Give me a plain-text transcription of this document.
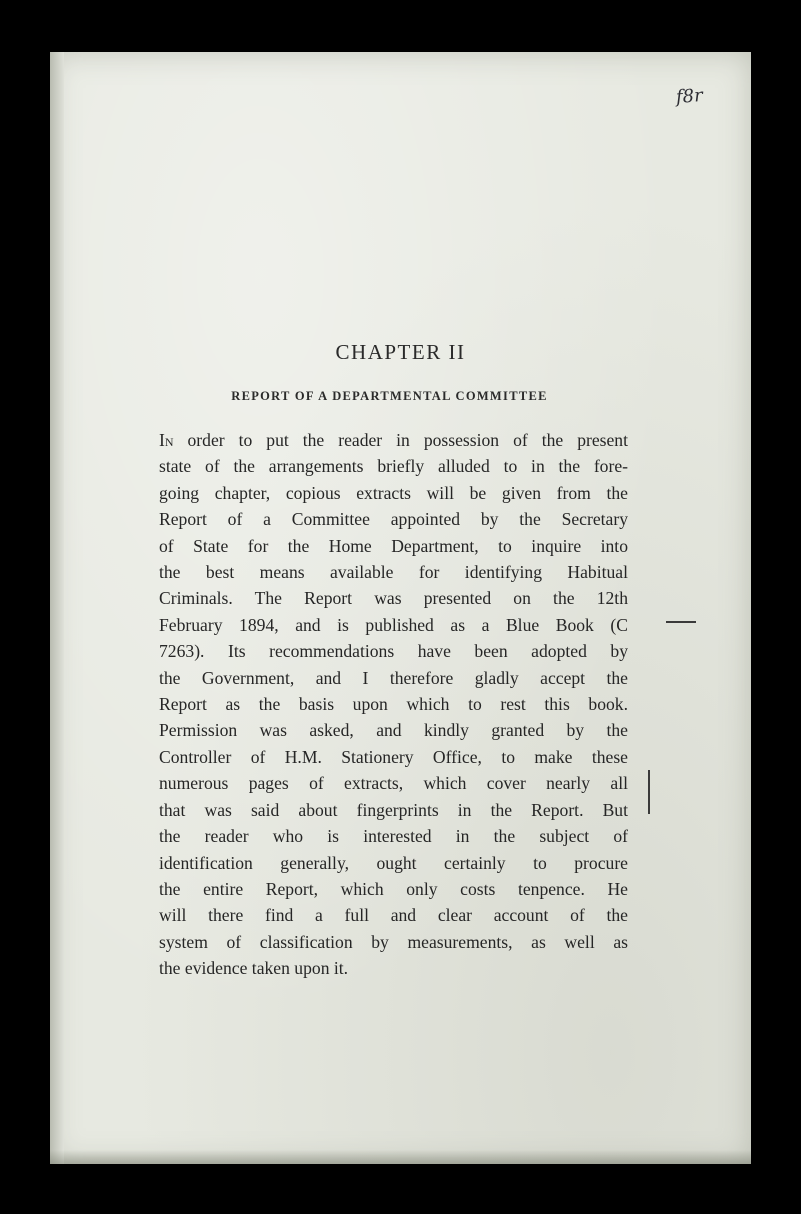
f8r
CHAPTER II
REPORT OF A DEPARTMENTAL COMMITTEE
In order to put the reader in possession of the present
state of the arrangements briefly alluded to in the fore-
going chapter, copious extracts will be given from the
Report of a Committee appointed by the Secretary
of State for the Home Department, to inquire into
the best means available for identifying Habitual
Criminals. The Report was presented on the 12th
February 1894, and is published as a Blue Book (C
7263). Its recommendations have been adopted by
the Government, and I therefore gladly accept the
Report as the basis upon which to rest this book.
Permission was asked, and kindly granted by the
Controller of H.M. Stationery Office, to make these
numerous pages of extracts, which cover nearly all
that was said about fingerprints in the Report. But
the reader who is interested in the subject of
identification generally, ought certainly to procure
the entire Report, which only costs tenpence. He
will there find a full and clear account of the
system of classification by measurements, as well as
the evidence taken upon it.
